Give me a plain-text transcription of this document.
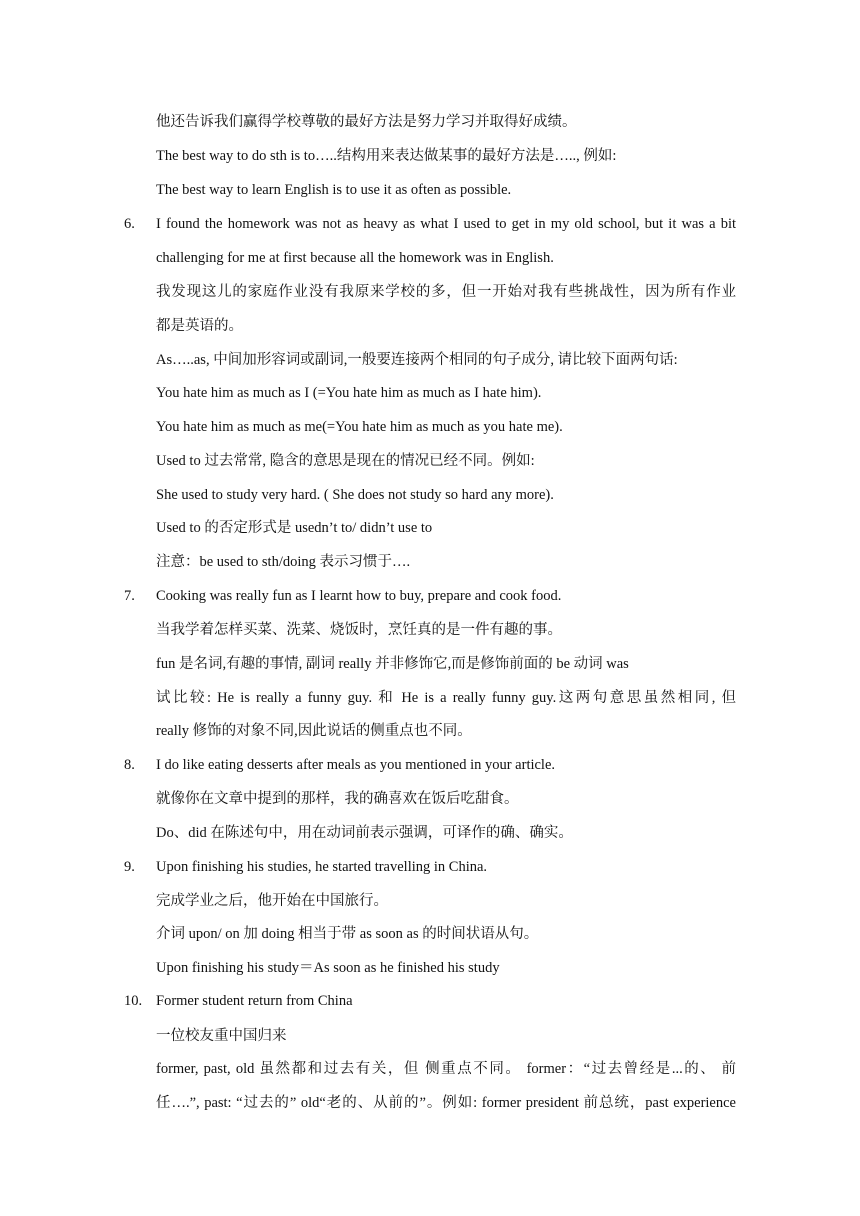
他还告诉我们赢得学校尊敬的最好方法是努力学习并取得好成绩。
The best way to do sth is to…..结构用来表达做某事的最好方法是….., 例如:
The best way to learn English is to use it as often as possible.
6.	I found the homework was not as heavy as what I used to get in my old school, but it was a bit
challenging for me at first because all the homework was in English.
我发现这儿的家庭作业没有我原来学校的多，但一开始对我有些挑战性，因为所有作业
都是英语的。
As…..as, 中间加形容词或副词,一般要连接两个相同的句子成分, 请比较下面两句话:
You hate him as much as I (=You hate him as much as I hate him).
You hate him as much as me(=You hate him as much as you hate me).
Used to 过去常常, 隐含的意思是现在的情况已经不同。例如:
She used to study very hard. ( She does not study so hard any more).
Used to 的否定形式是 usedn’t to/ didn’t use to
注意：be used to sth/doing 表示习惯于….
7.	Cooking was really fun as I learnt how to buy, prepare and cook food.
当我学着怎样买菜、洗菜、烧饭时，烹饪真的是一件有趣的事。
fun 是名词,有趣的事情, 副词 really 并非修饰它,而是修饰前面的 be 动词 was
试比较: He is really a funny guy. 和 He is a really funny guy.这两句意思虽然相同, 但
really 修饰的对象不同,因此说话的侧重点也不同。
8.	I do like eating desserts after meals as you mentioned in your article.
就像你在文章中提到的那样，我的确喜欢在饭后吃甜食。
Do、did 在陈述句中，用在动词前表示强调，可译作的确、确实。
9.	Upon finishing his studies, he started travelling in China.
完成学业之后，他开始在中国旅行。
介词 upon/ on 加 doing 相当于带 as soon as 的时间状语从句。
Upon finishing his study＝As soon as he finished his study
10. Former student return from China
一位校友重中国归来
former, past, old 虽然都和过去有关，但 侧重点不同。 former：“过去曾经是...的、 前
任….”, past: “过去的” old“老的、从前的”。例如: former president 前总统，past experience
